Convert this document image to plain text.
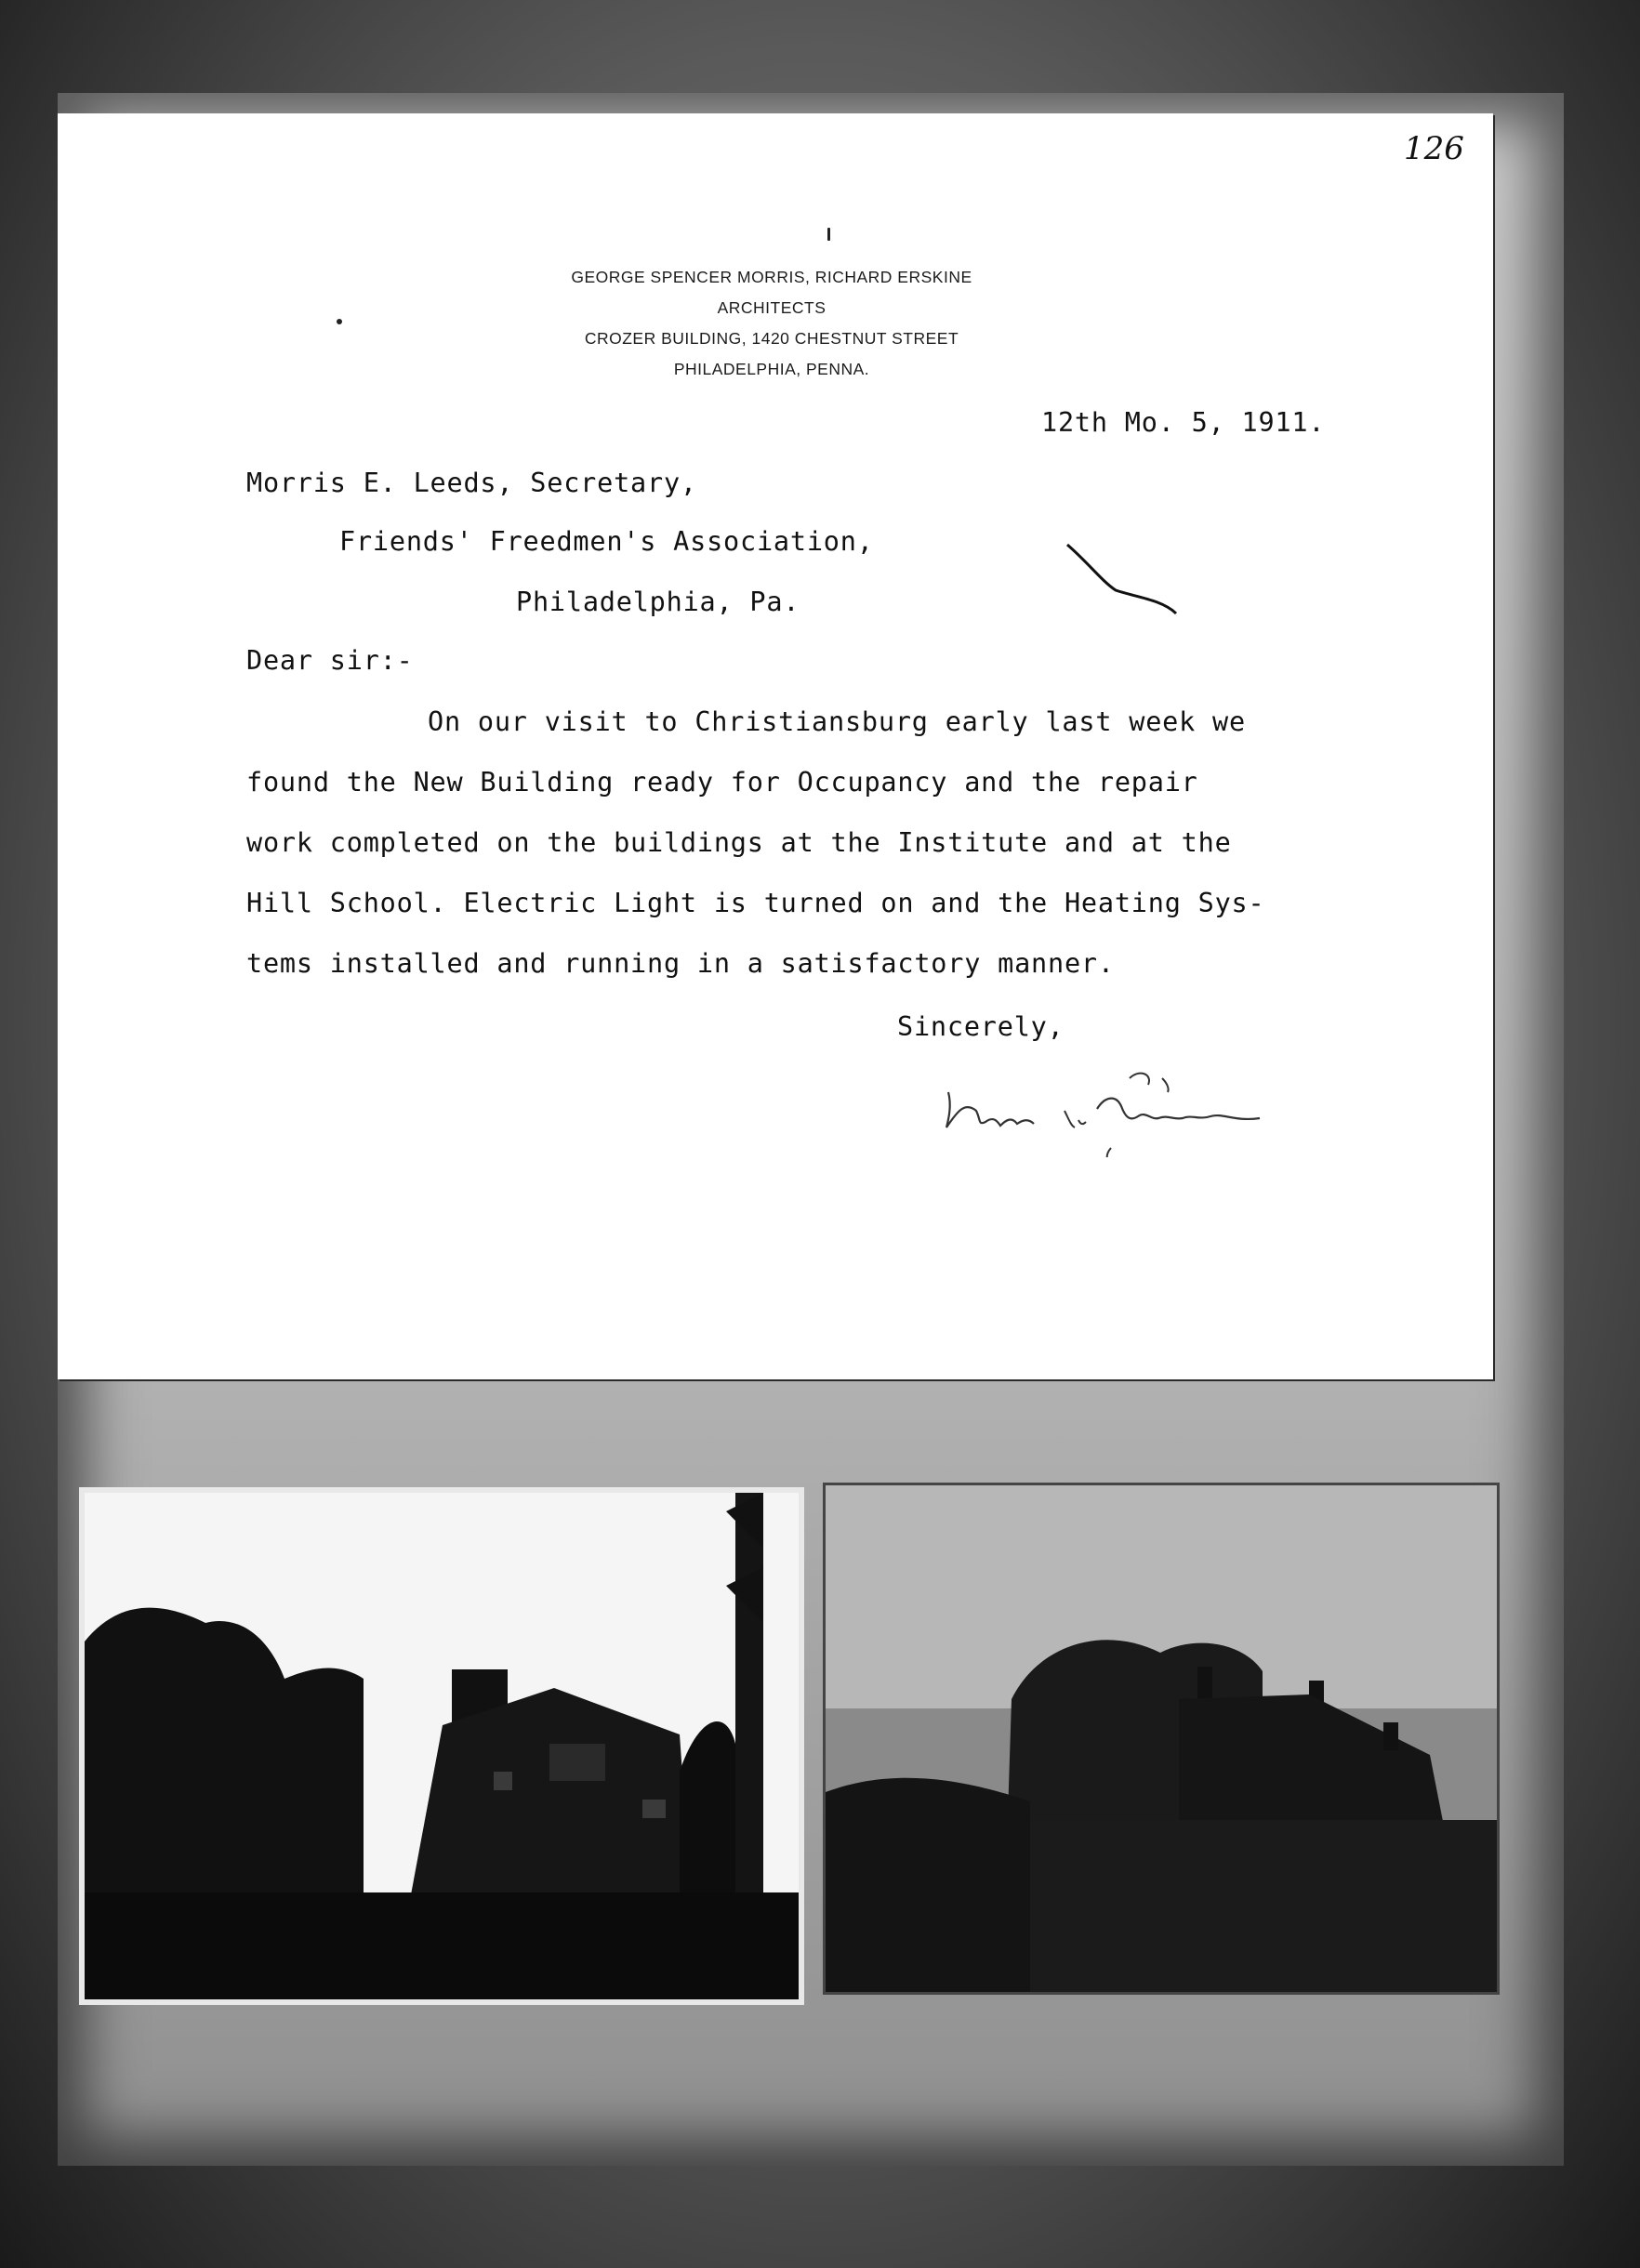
126
GEORGE SPENCER MORRIS, RICHARD ERSKINE
ARCHITECTS
CROZER BUILDING, 1420 CHESTNUT STREET
PHILADELPHIA, PENNA.
12th Mo. 5, 1911.
Morris E. Leeds, Secretary,
Friends' Freedmen's Association,
Philadelphia, Pa.
Dear sir:-
On our visit to Christiansburg early last week we
found the New Building ready for Occupancy and the repair
work completed on the buildings at the Institute and at the
Hill School. Electric Light is turned on and the Heating Sys-
tems installed and running in a satisfactory manner.
Sincerely,
